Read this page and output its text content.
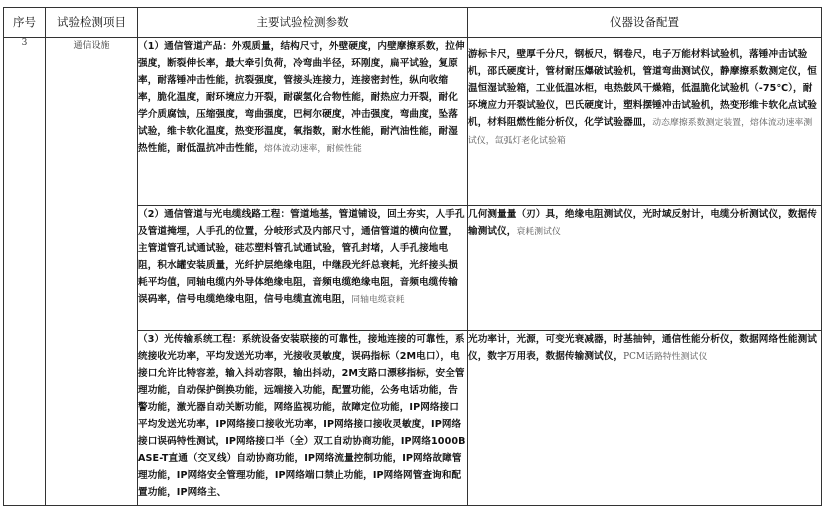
序号	试验检测项目	主要试验检测参数	仪器设备配置
3	通信设施	（1）通信管道产品：外观质量，结构尺寸，外壁硬度，内壁摩擦系数，拉伸强度，断裂伸长率，最大牵引负荷，冷弯曲半径，环刚度，扁平试验，复原率，耐落锤冲击性能，抗裂强度，管接头连接力，连接密封性，纵向收缩率，脆化温度，耐环境应力开裂，耐碳氢化合物性能，耐热应力开裂，耐化学介质腐蚀，压缩强度，弯曲强度，巴柯尔硬度，冲击强度，弯曲度，坠落试验，维卡软化温度，热变形温度，氧指数，耐水性能，耐汽油性能，耐湿热性能，耐低温抗冲击性能，熔体流动速率，耐候性能	游标卡尺，壁厚千分尺，钢板尺，钢卷尺，电子万能材料试验机，落锤冲击试验机，邵氏硬度计，管材耐压爆破试验机，管道弯曲测试仪，静摩擦系数测定仪，恒温恒湿试验箱，工业低温冰柜，电热鼓风干燥箱，低温脆化试验机（-75℃），耐环境应力开裂试验仪，巴氏硬度计，塑料摆锤冲击试验机，热变形维卡软化点试验机，材料阻燃性能分析仪，化学试验器皿，动态摩擦系数测定装置，熔体流动速率测试仪，氙弧灯老化试验箱

		（2）通信管道与光电缆线路工程：管道地基，管道铺设，回土夯实，人手孔及管道掩埋，人手孔的位置，分岐形式及内部尺寸，通信管道的横向位置，主管道管孔试通试验，硅芯塑料管孔试通试验，管孔封堵，人手孔接地电阻，积水罐安装质量，光纤护层绝缘电阻，中继段光纤总衰耗，光纤接头损耗平均值，同轴电缆内外导体绝缘电阻，音频电缆绝缘电阻，音频电缆传输误码率，信号电缆绝缘电阻，信号电缆直流电阻，同轴电缆衰耗	几何测量量（刃）具，绝缘电阻测试仪，光时域反射计，电缆分析测试仪，数据传输测试仪，衰耗测试仪

		（3）光传输系统工程：系统设备安装联接的可靠性，接地连接的可靠性，系统接收光功率，平均发送光功率，光接收灵敏度，误码指标（2M电口），电接口允许比特容差，输入抖动容限，输出抖动，2M支路口漂移指标，安全管理功能，自动保护倒换功能，远端接入功能，配置功能，公务电话功能，告警功能，激光器自动关断功能，网络监视功能，故障定位功能，IP网络接口平均发送光功率，IP网络接口接收光功率，IP网络接口接收灵敏度，IP网络接口误码特性测试，IP网络接口半（全）双工自动协商功能，IP网络1000BASE-T直通（交叉线）自动协商功能，IP网络流量控制功能，IP网络故障管理功能，IP网络安全管理功能，IP网络端口禁止功能，IP网络网管查询和配置功能，IP网络主、	光功率计，光源，可变光衰减器，时基抽钟，通信性能分析仪，数据网络性能测试仪，数字万用表，数据传输测试仪，PCM话路特性测试仪
